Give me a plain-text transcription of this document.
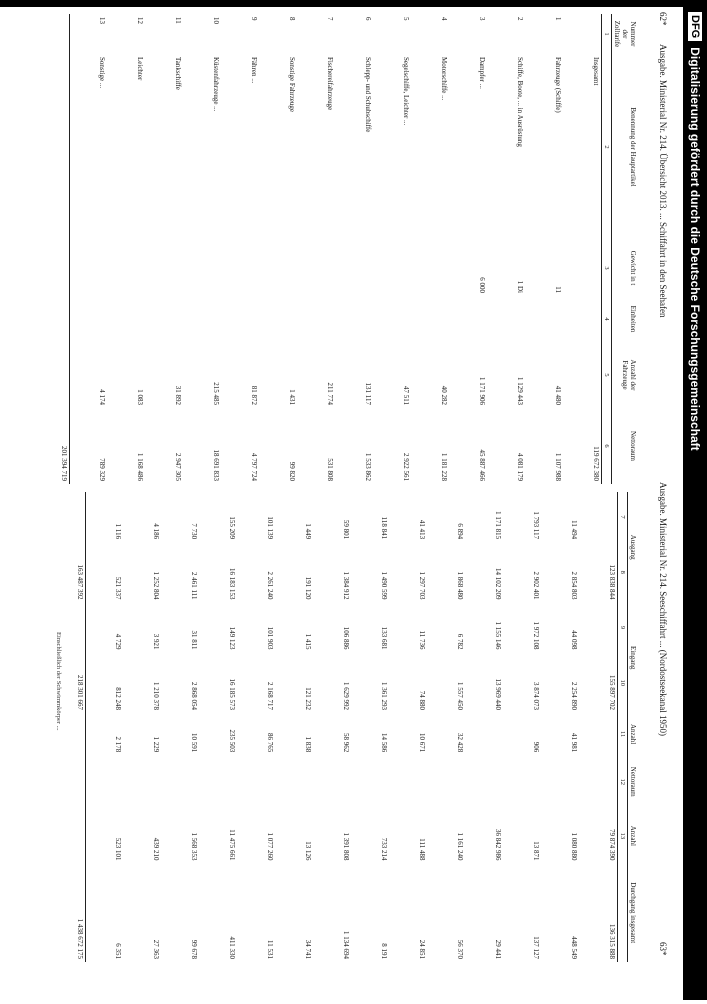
DFG
Digitalisierung gefördert durch die Deutsche Forschungsgemeinschaft
62*
Ausgabe. Ministerial Nr. 214. Übersicht 2013. ... Schiffahrt in den Seehafen
Ausgabe. Ministerial Nr. 214. Seeschiffahrt ... (Nordostseekanal 1950)
63*
Nummer der Zolltarife	Benennung der Hauptartikel	Gewicht in t	Einheiten	Anzahl der Fahrzeuge	Nettoraum
1	2	3	4	5	6
	Insgesamt				119 672 380
1	Fahrzeuge (Schiffe)	11		41 480	1 107 988
2	Schiffe, Boote, ... in Ausrüstung	1 Di		1 129 443	4 081 179
3	Dampfer ...	6 000		1 171 906	45 887 466
4	Motorschiffe ...			40 282	1 181 228
5	Segelschiffe, Leichter ...			47 511	2 922 561
6	Schlepp- und Schubschiffe			131 117	1 533 862
7	Fischereifahrzeuge			211 774	531 808
8	Sonstige Fahrzeuge			1 431	99 820
9	Fähren ...			81 872	4 797 724
10	Küstenfahrzeuge ...			215 485	18 691 833
11	Tankschiffe			31 892	2 947 305
12	Leichter			1 083	1 168 486
13	Sonstige ...			4 174	789 329
					201 394 719
Ausgang		Eingang		Anzahl	Nettoraum	Anzahl	Durchgang insgesamt
7	8	9	10	11	12	13	
	123 838 844		155 897 702			79 874 390	136 315 888
11 494	2 854 803	44 098	2 254 890	41 981		1 080 880	448 549
1 793 117	2 902 401	1 972 108	3 874 073	906		13 871	137 127
1 171 815	14 102 209	1 155 146	13 969 440			36 842 986	29 441
6 894	1 868 480	6 782	1 557 450	32 428		1 161 240	56 370
41 413	1 297 703	11 736	74 880	10 671		111 488	24 851
118 841	1 490 599	133 681	1 361 293	14 586		733 214	8 191
59 801	1 384 912	106 886	1 629 992	58 962		1 391 808	1 134 694
1 449	191 120	1 415	121 232	1 838		13 126	34 741
101 139	2 261 240	101 903	2 168 717	86 765		1 077 260	11 531
155 209	16 183 153	149 123	16 185 573	235 503		11 475 661	411 330
7 730	2 461 111	31 811	2 868 054	10 591		1 568 353	99 678
4 186	1 252 804	3 921	1 210 378	1 229		439 210	27 363
1 116	521 337	4 729	812 248	2 178		523 101	6 351
	163 487 392		218 301 667				1 438 672 175
Einschließlich der Schwimmkörper ...
